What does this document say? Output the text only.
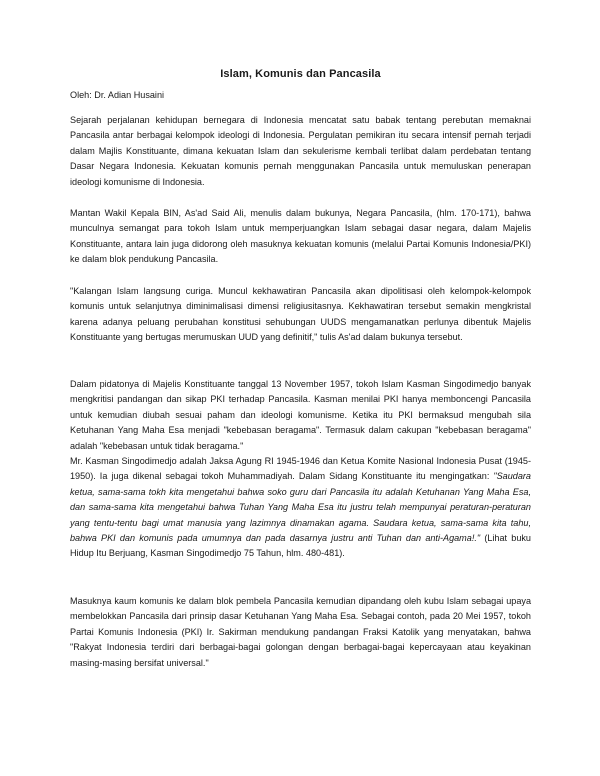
Islam, Komunis dan Pancasila
Oleh: Dr. Adian Husaini

Sejarah perjalanan kehidupan bernegara di Indonesia mencatat satu babak tentang perebutan memaknai Pancasila antar berbagai kelompok ideologi di Indonesia. Pergulatan pemikiran itu secara intensif pernah terjadi dalam Majlis Konstituante, dimana kekuatan Islam dan sekulerisme kembali terlibat dalam perdebatan tentang Dasar Negara Indonesia. Kekuatan komunis pernah menggunakan Pancasila untuk memuluskan penerapan ideologi komunisme di Indonesia.

Mantan Wakil Kepala BIN, As'ad Said Ali, menulis dalam bukunya, Negara Pancasila, (hlm. 170-171), bahwa munculnya semangat para tokoh Islam untuk memperjuangkan Islam sebagai dasar negara, dalam Majelis Konstituante, antara lain juga didorong oleh masuknya kekuatan komunis (melalui Partai Komunis Indonesia/PKI) ke dalam blok pendukung Pancasila.

"Kalangan Islam langsung curiga. Muncul kekhawatiran Pancasila akan dipolitisasi oleh kelompok-kelompok komunis untuk selanjutnya diminimalisasi dimensi religiusitasnya. Kekhawatiran tersebut semakin mengkristal karena adanya peluang perubahan konstitusi sehubungan UUDS mengamanatkan perlunya dibentuk Majelis Konstituante yang bertugas merumuskan UUD yang definitif," tulis As'ad dalam bukunya tersebut.

Dalam pidatonya di Majelis Konstituante tanggal 13 November 1957, tokoh Islam Kasman Singodimedjo banyak mengkritisi pandangan dan sikap PKI terhadap Pancasila. Kasman menilai PKI hanya memboncengi Pancasila untuk kemudian diubah sesuai paham dan ideologi komunisme. Ketika itu PKI bermaksud mengubah sila Ketuhanan Yang Maha Esa menjadi "kebebasan beragama". Termasuk dalam cakupan "kebebasan beragama" adalah "kebebasan untuk tidak beragama."

Mr. Kasman Singodimedjo adalah Jaksa Agung RI 1945-1946 dan Ketua Komite Nasional Indonesia Pusat (1945-1950). Ia juga dikenal sebagai tokoh Muhammadiyah. Dalam Sidang Konstituante itu mengingatkan: "Saudara ketua, sama-sama tokh kita mengetahui bahwa soko guru dari Pancasila itu adalah Ketuhanan Yang Maha Esa, dan sama-sama kita mengetahui bahwa Tuhan Yang Maha Esa itu justru telah mempunyai peraturan-peraturan yang tentu-tentu bagi umat manusia yang lazimnya dinamakan agama. Saudara ketua, sama-sama kita tahu, bahwa PKI dan komunis pada umumnya dan pada dasarnya justru anti Tuhan dan anti-Agama!." (Lihat buku Hidup Itu Berjuang, Kasman Singodimedjo 75 Tahun, hlm. 480-481).

Masuknya kaum komunis ke dalam blok pembela Pancasila kemudian dipandang oleh kubu Islam sebagai upaya membelokkan Pancasila dari prinsip dasar Ketuhanan Yang Maha Esa. Sebagai contoh, pada 20 Mei 1957, tokoh Partai Komunis Indonesia (PKI) Ir. Sakirman mendukung pandangan Fraksi Katolik yang menyatakan, bahwa "Rakyat Indonesia terdiri dari berbagai-bagai golongan dengan berbagai-bagai kepercayaan atau keyakinan masing-masing bersifat universal."
